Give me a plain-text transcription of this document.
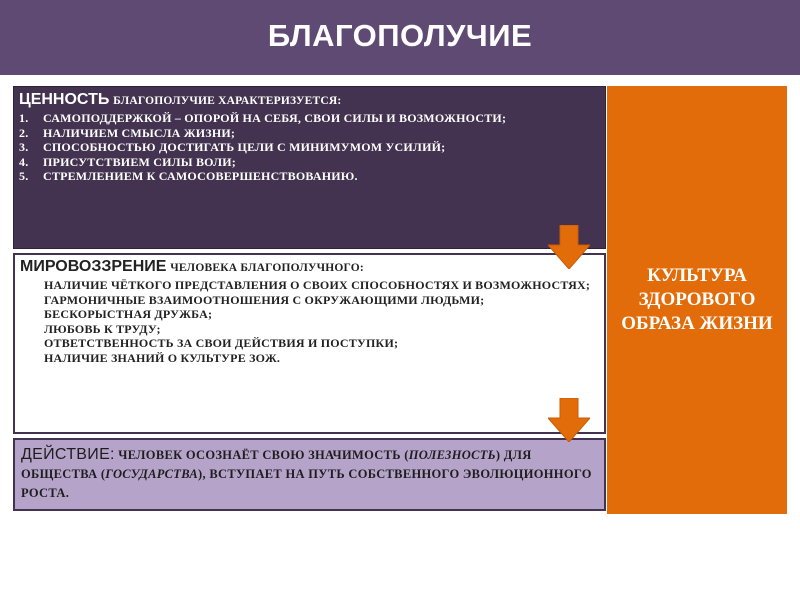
БЛАГОПОЛУЧИЕ
ЦЕННОСТЬ БЛАГОПОЛУЧИЕ ХАРАКТЕРИЗУЕТСЯ:
1.	САМОПОДДЕРЖКОЙ – ОПОРОЙ НА СЕБЯ, СВОИ СИЛЫ И ВОЗМОЖНОСТИ;
2.	НАЛИЧИЕМ СМЫСЛА ЖИЗНИ;
3.	СПОСОБНОСТЬЮ ДОСТИГАТЬ ЦЕЛИ С МИНИМУМОМ УСИЛИЙ;
4.	ПРИСУТСТВИЕМ СИЛЫ ВОЛИ;
5.	СТРЕМЛЕНИЕМ К САМОСОВЕРШЕНСТВОВАНИЮ.
МИРОВОЗЗРЕНИЕ ЧЕЛОВЕКА БЛАГОПОЛУЧНОГО:
НАЛИЧИЕ ЧЁТКОГО ПРЕДСТАВЛЕНИЯ О СВОИХ СПОСОБНОСТЯХ И ВОЗМОЖНОСТЯХ;
ГАРМОНИЧНЫЕ ВЗАИМООТНОШЕНИЯ С ОКРУЖАЮЩИМИ ЛЮДЬМИ;
БЕСКОРЫСТНАЯ ДРУЖБА;
ЛЮБОВЬ К ТРУДУ;
ОТВЕТСТВЕННОСТЬ ЗА СВОИ ДЕЙСТВИЯ И ПОСТУПКИ;
НАЛИЧИЕ ЗНАНИЙ О КУЛЬТУРЕ ЗОЖ.
ДЕЙСТВИЕ: ЧЕЛОВЕК ОСОЗНАЁТ СВОЮ ЗНАЧИМОСТЬ (ПОЛЕЗНОСТЬ) ДЛЯ ОБЩЕСТВА (ГОСУДАРСТВА), ВСТУПАЕТ НА ПУТЬ СОБСТВЕННОГО ЭВОЛЮЦИОННОГО РОСТА.
КУЛЬТУРА
ЗДОРОВОГО
ОБРАЗА ЖИЗНИ
